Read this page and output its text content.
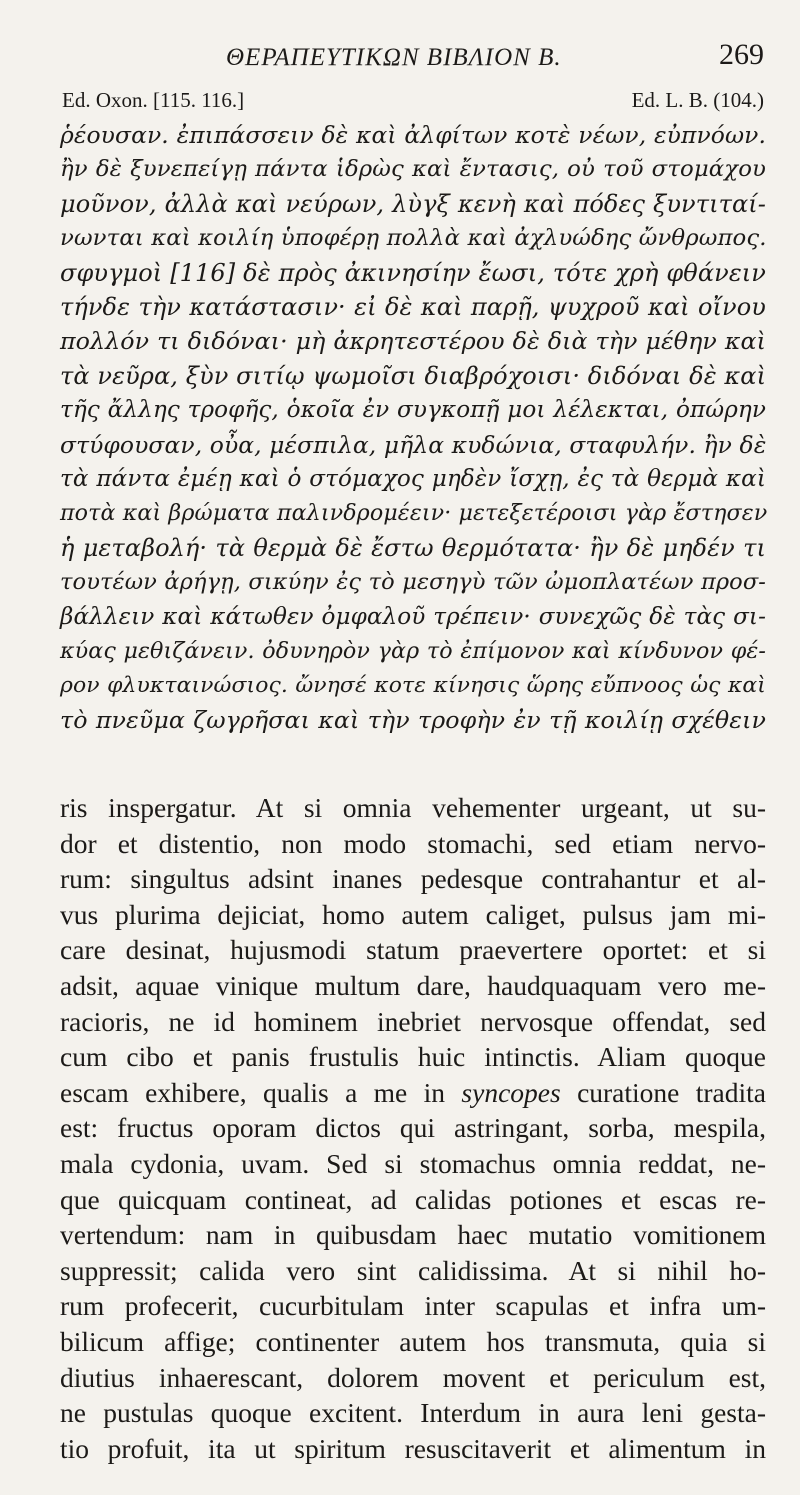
ΘΕΡΑΠΕΥΤΙΚΩΝ ΒΙΒΛΙΟΝ Β.	269
Ed. Oxon. [115. 116.]	Ed. L. B. (104.)
ῥέουσαν. ἐπιπάσσειν δὲ καὶ ἀλφίτων κοτὲ νέων, εὐπνόων.
ἢν δὲ ξυνεπείγῃ πάντα ἱδρὼς καὶ ἔντασις, οὐ τοῦ στομάχου
μοῦνον, ἀλλὰ καὶ νεύρων, λὺγξ κενὴ καὶ πόδες ξυντιταί-
νωνται καὶ κοιλίη ὑποφέρῃ πολλὰ καὶ ἀχλυώδης ὤνθρωπος.
σφυγμοὶ [116] δὲ πρὸς ἀκινησίην ἔωσι, τότε χρὴ φθάνειν
τήνδε τὴν κατάστασιν· εἰ δὲ καὶ παρῇ, ψυχροῦ καὶ οἴνου
πολλόν τι διδόναι· μὴ ἀκρητεστέρου δὲ διὰ τὴν μέθην καὶ
τὰ νεῦρα, ξὺν σιτίῳ ψωμοῖσι διαβρόχοισι· διδόναι δὲ καὶ
τῆς ἄλλης τροφῆς, ὁκοῖα ἐν συγκοπῇ μοι λέλεκται, ὀπώρην
στύφουσαν, οὖα, μέσπιλα, μῆλα κυδώνια, σταφυλήν. ἢν δὲ
τὰ πάντα ἐμέῃ καὶ ὁ στόμαχος μηδὲν ἴσχῃ, ἐς τὰ θερμὰ καὶ
ποτὰ καὶ βρώματα παλινδρομέειν· μετεξετέροισι γὰρ ἔστησεν
ἡ μεταβολή· τὰ θερμὰ δὲ ἔστω θερμότατα· ἢν δὲ μηδέν τι
τουτέων ἀρήγῃ, σικύην ἐς τὸ μεσηγὺ τῶν ὠμοπλατέων προσ-
βάλλειν καὶ κάτωθεν ὀμφαλοῦ τρέπειν· συνεχῶς δὲ τὰς σι-
κύας μεθιζάνειν. ὀδυνηρὸν γὰρ τὸ ἐπίμονον καὶ κίνδυνον φέ-
ρον φλυκταινώσιος. ὤνησέ κοτε κίνησις ὥρης εὔπνοος ὡς καὶ
τὸ πνεῦμα ζωγρῆσαι καὶ τὴν τροφὴν ἐν τῇ κοιλίῃ σχέθειν
ris inspergatur. At si omnia vehementer urgeant, ut su-
dor et distentio, non modo stomachi, sed etiam nervo-
rum: singultus adsint inanes pedesque contrahantur et al-
vus plurima dejiciat, homo autem caliget, pulsus jam mi-
care desinat, hujusmodi statum praevertere oportet: et si
adsit, aquae vinique multum dare, haudquaquam vero me-
racioris, ne id hominem inebriet nervosque offendat, sed
cum cibo et panis frustulis huic intinctis. Aliam quoque
escam exhibere, qualis a me in syncopes curatione tradita
est: fructus oporam dictos qui astringant, sorba, mespila,
mala cydonia, uvam. Sed si stomachus omnia reddat, ne-
que quicquam contineat, ad calidas potiones et escas re-
vertendum: nam in quibusdam haec mutatio vomitionem
suppressit; calida vero sint calidissima. At si nihil ho-
rum profecerit, cucurbitulam inter scapulas et infra um-
bilicum affige; continenter autem hos transmuta, quia si
diutius inhaerescant, dolorem movent et periculum est,
ne pustulas quoque excitent. Interdum in aura leni gesta-
tio profuit, ita ut spiritum resuscitaverit et alimentum in
